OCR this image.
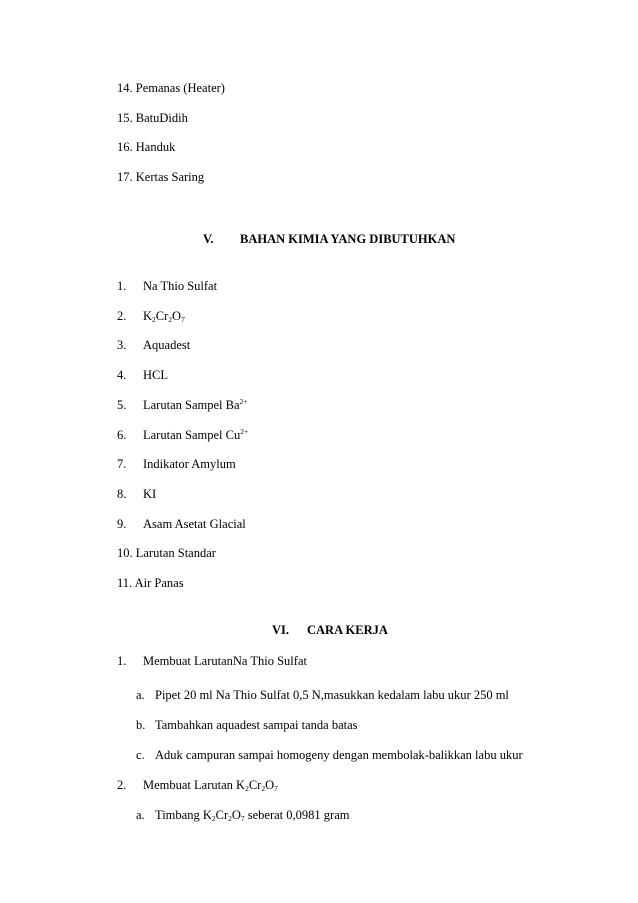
14. Pemanas (Heater)
15. BatuDidih
16. Handuk
17. Kertas Saring
V. BAHAN KIMIA YANG DIBUTUHKAN
1. Na Thio Sulfat
2. $K_2Cr_2O_7$
3. Aquadest
4. HCL
5. Larutan Sampel $Ba^{2+}$
6. Larutan Sampel $Cu^{2+}$
7. Indikator Amylum
8. KI
9. Asam Asetat Glacial
10. Larutan Standar
11. Air Panas
VI. CARA KERJA
1. Membuat LarutanNa Thio Sulfat
a. Pipet 20 ml Na Thio Sulfat 0,5 N,masukkan kedalam labu ukur 250 ml
b. Tambahkan aquadest sampai tanda batas
c. Aduk campuran sampai homogeny dengan membolak-balikkan labu ukur
2. Membuat Larutan $K_2Cr_2O_7$
a. Timbang $K_2Cr_2O_7$ seberat 0,0981 gram
